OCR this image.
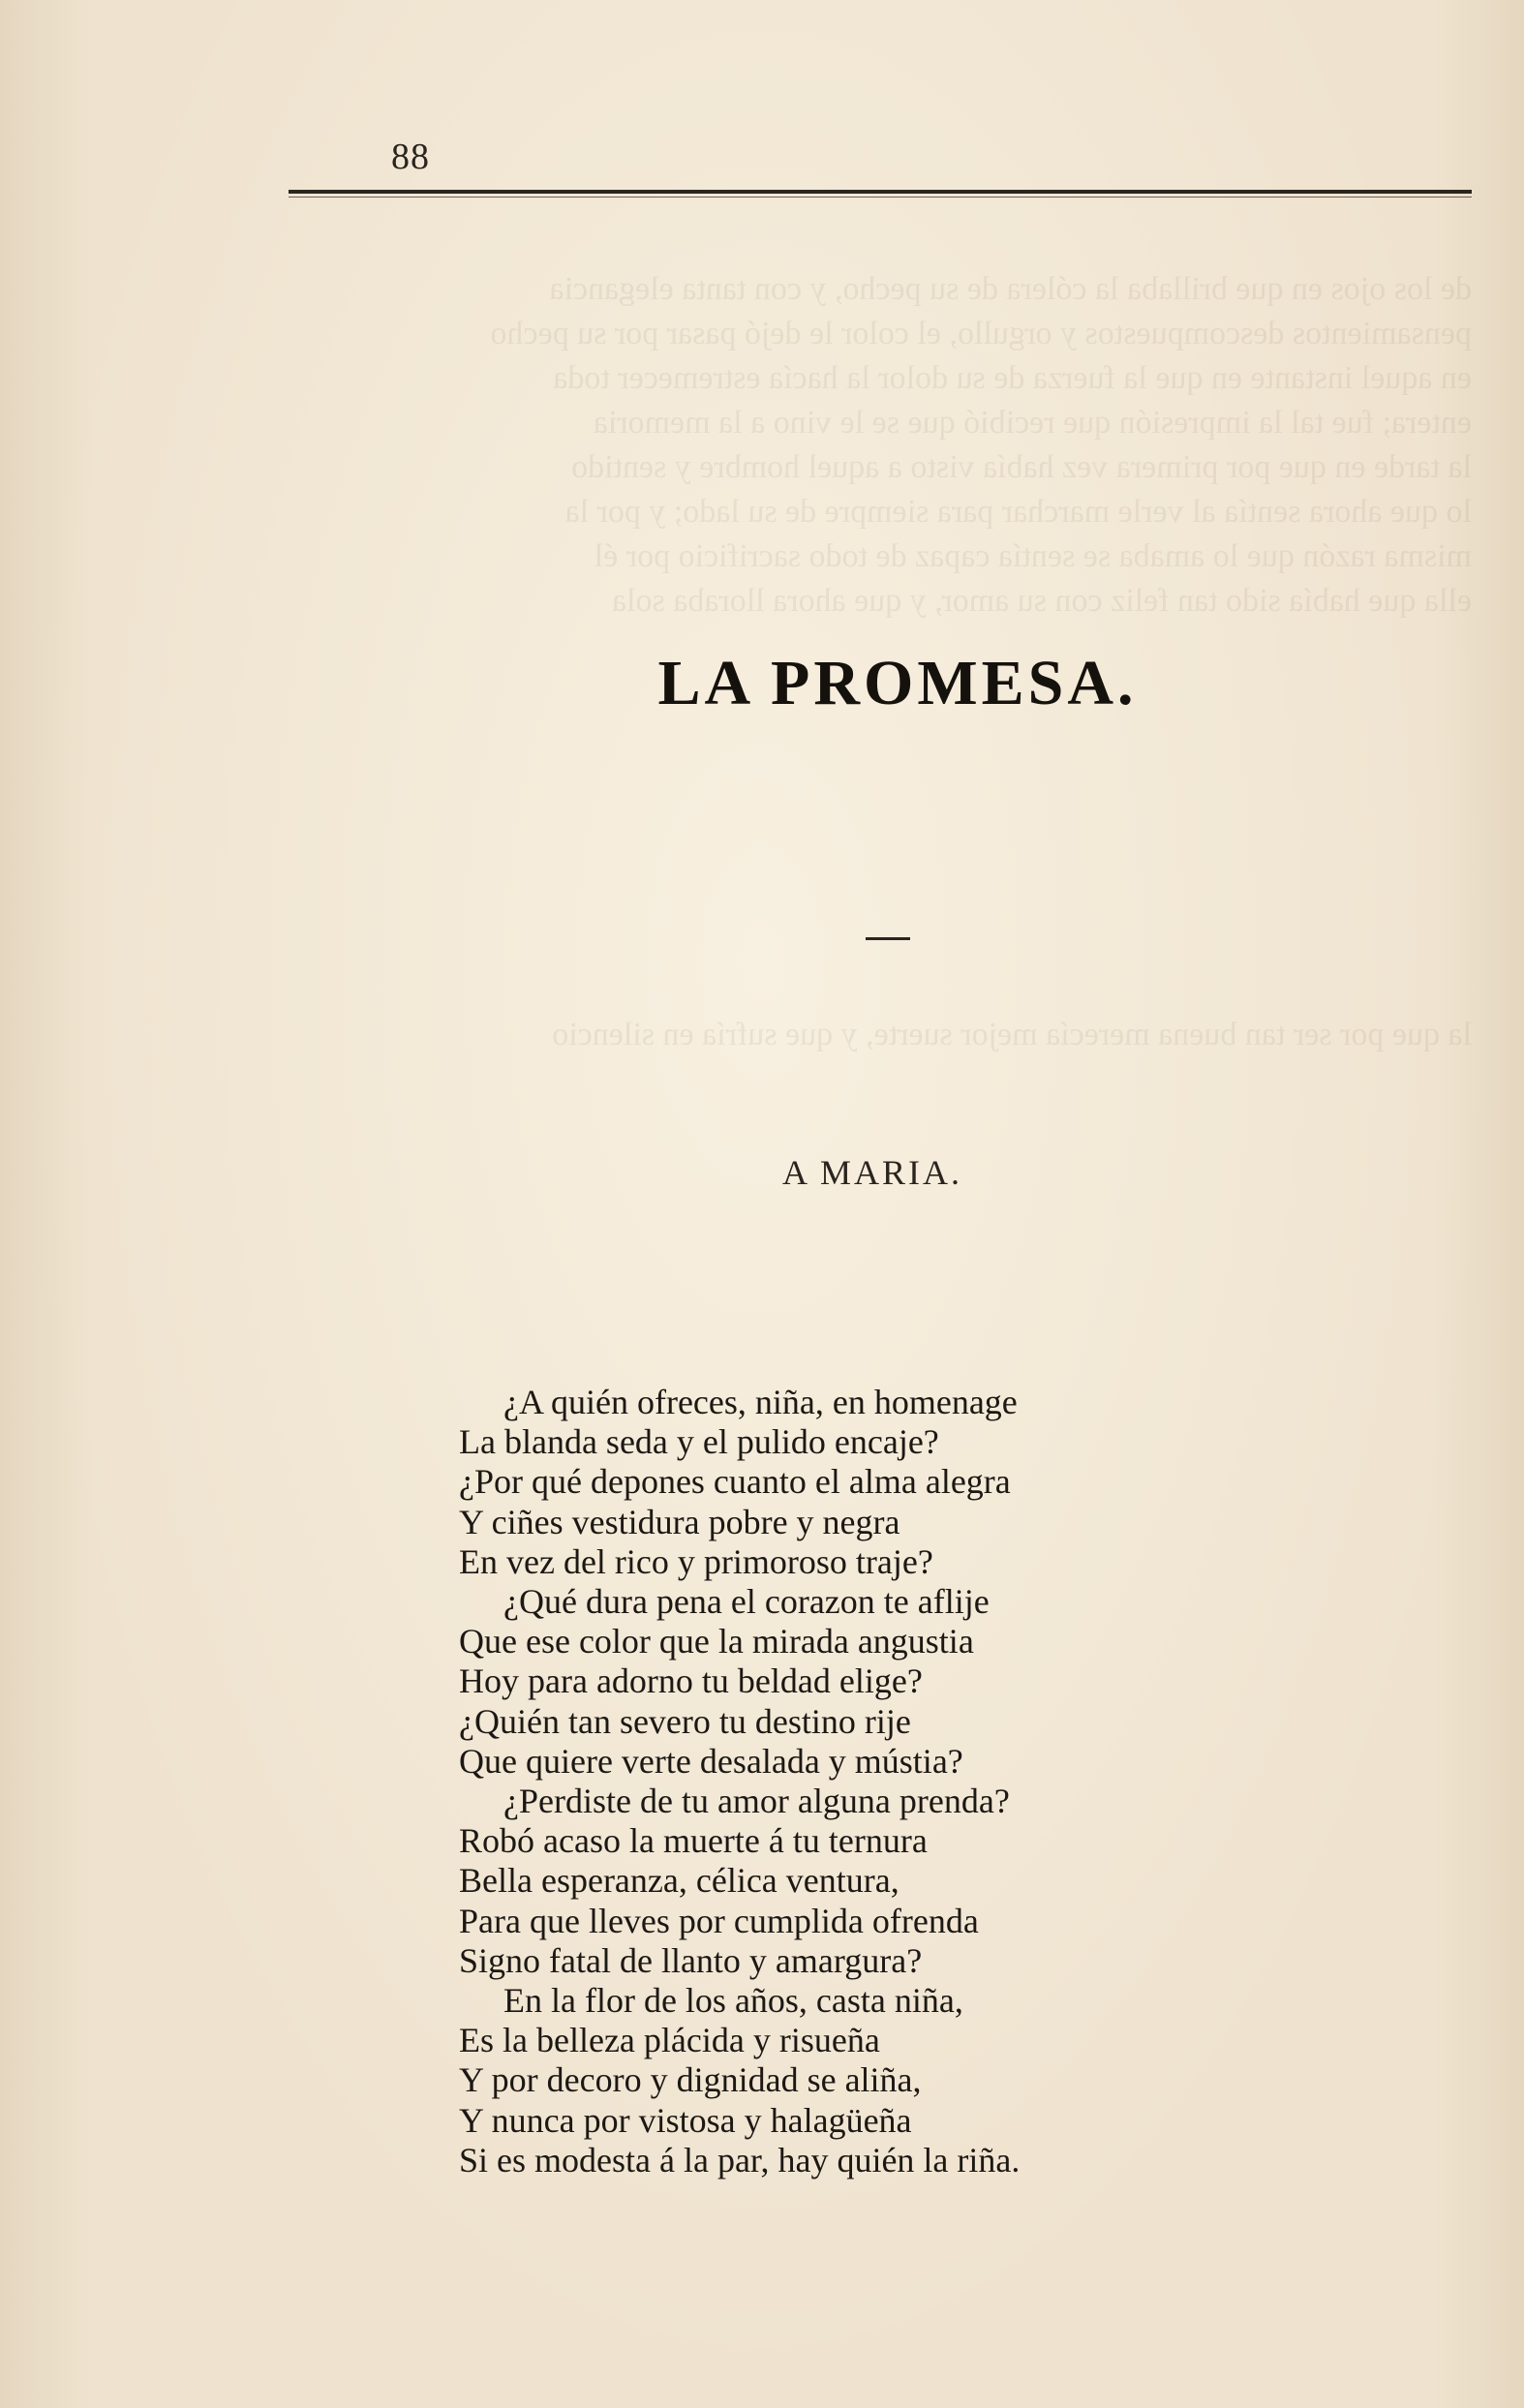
de los ojos en que brillaba la cólera de su pecho, y con tanta elegancia
pensamientos descompuestos y orgullo, el color le dejó pasar por su pecho
en aquel instante en que la fuerza de su dolor la hacía estremecer toda
entera; fue tal la impresión que recibió que se le vino a la memoria
la tarde en que por primera vez había visto a aquel hombre y sentido
lo que ahora sentía al verle marchar para siempre de su lado; y por la
misma razón que lo amaba se sentía capaz de todo sacrificio por él
ella que había sido tan feliz con su amor, y que ahora lloraba sola

la que por ser tan buena merecía mejor suerte, y que sufría en silencio

88
LA PROMESA.
A MARIA.
¿A quién ofreces, niña, en homenage
La blanda seda y el pulido encaje?
¿Por qué depones cuanto el alma alegra
Y ciñes vestidura pobre y negra
En vez del rico y primoroso traje?
¿Qué dura pena el corazon te aflije
Que ese color que la mirada angustia
Hoy para adorno tu beldad elige?
¿Quién tan severo tu destino rije
Que quiere verte desalada y mústia?
¿Perdiste de tu amor alguna prenda?
Robó acaso la muerte á tu ternura
Bella esperanza, célica ventura,
Para que lleves por cumplida ofrenda
Signo fatal de llanto y amargura?
En la flor de los años, casta niña,
Es la belleza plácida y risueña
Y por decoro y dignidad se aliña,
Y nunca por vistosa y halagüeña
Si es modesta á la par, hay quién la riña.
